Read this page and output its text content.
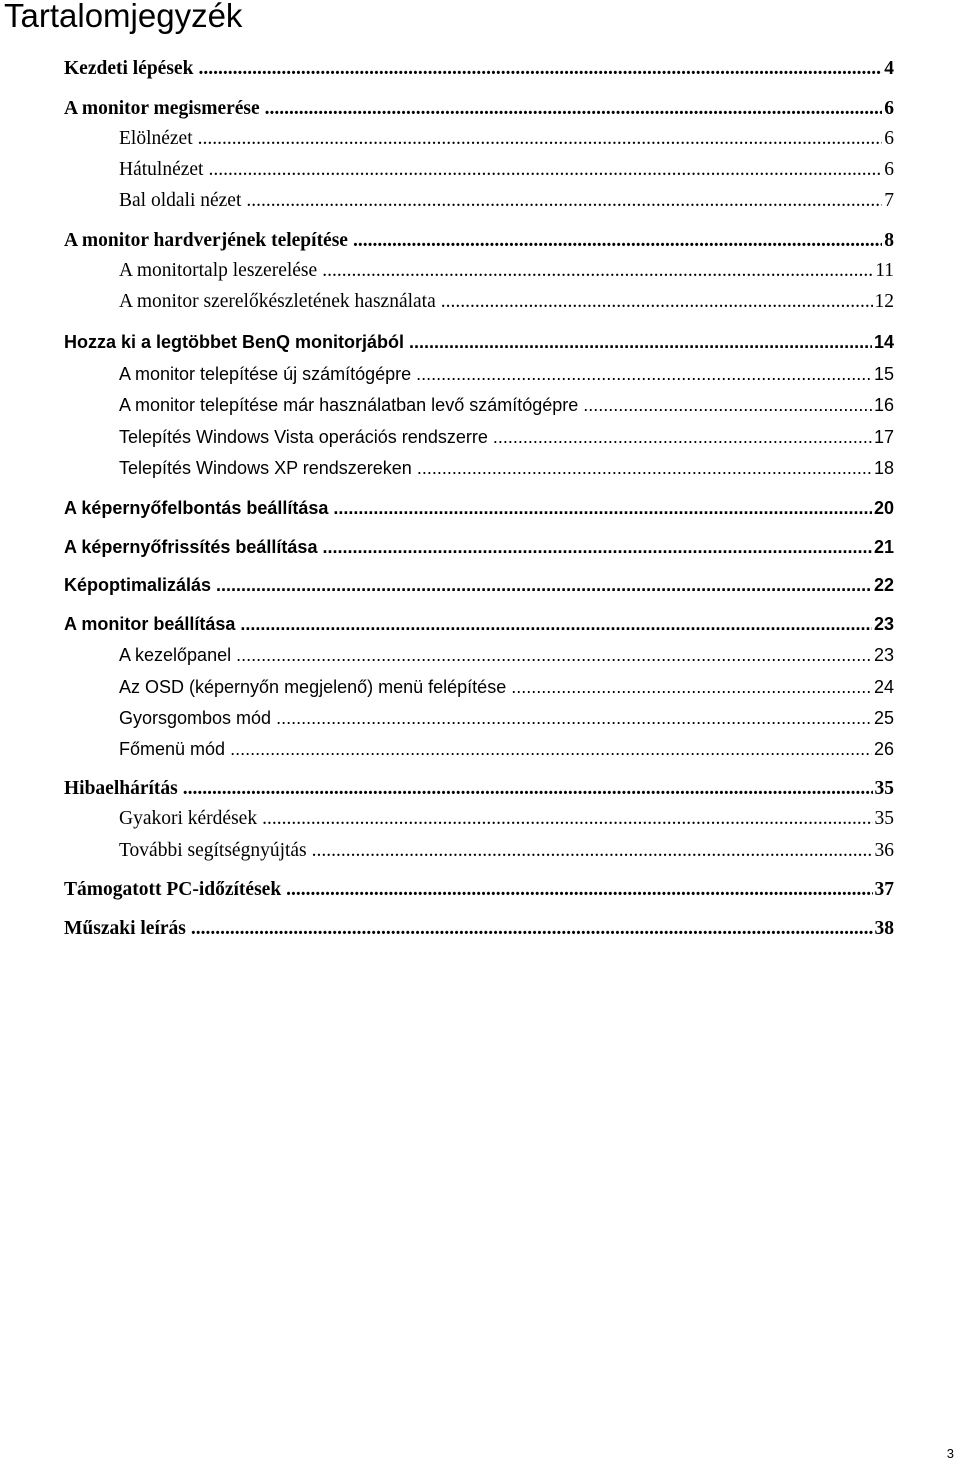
Tartalomjegyzék
Kezdeti lépések .....	4
A monitor megismerése .....	6
Elölnézet .....	6
Hátulnézet .....	6
Bal oldali nézet .....	7
A monitor hardverjének telepítése .....	8
A monitortalp leszerelése .....	11
A monitor szerelőkészletének használata .....	12
Hozza ki a legtöbbet BenQ monitorjából .....	14
A monitor telepítése új számítógépre .....	15
A monitor telepítése már használatban levő számítógépre .....	16
Telepítés Windows Vista operációs rendszerre .....	17
Telepítés Windows XP rendszereken .....	18
A képernyőfelbontás beállítása .....	20
A képernyőfrissítés beállítása .....	21
Képoptimalizálás .....	22
A monitor beállítása .....	23
A kezelőpanel .....	23
Az OSD (képernyőn megjelenő) menü felépítése .....	24
Gyorsgombos mód .....	25
Főmenü mód .....	26
Hibaelhárítás .....	35
Gyakori kérdések .....	35
További segítségnyújtás .....	36
Támogatott PC-időzítések .....	37
Műszaki leírás .....	38
3
